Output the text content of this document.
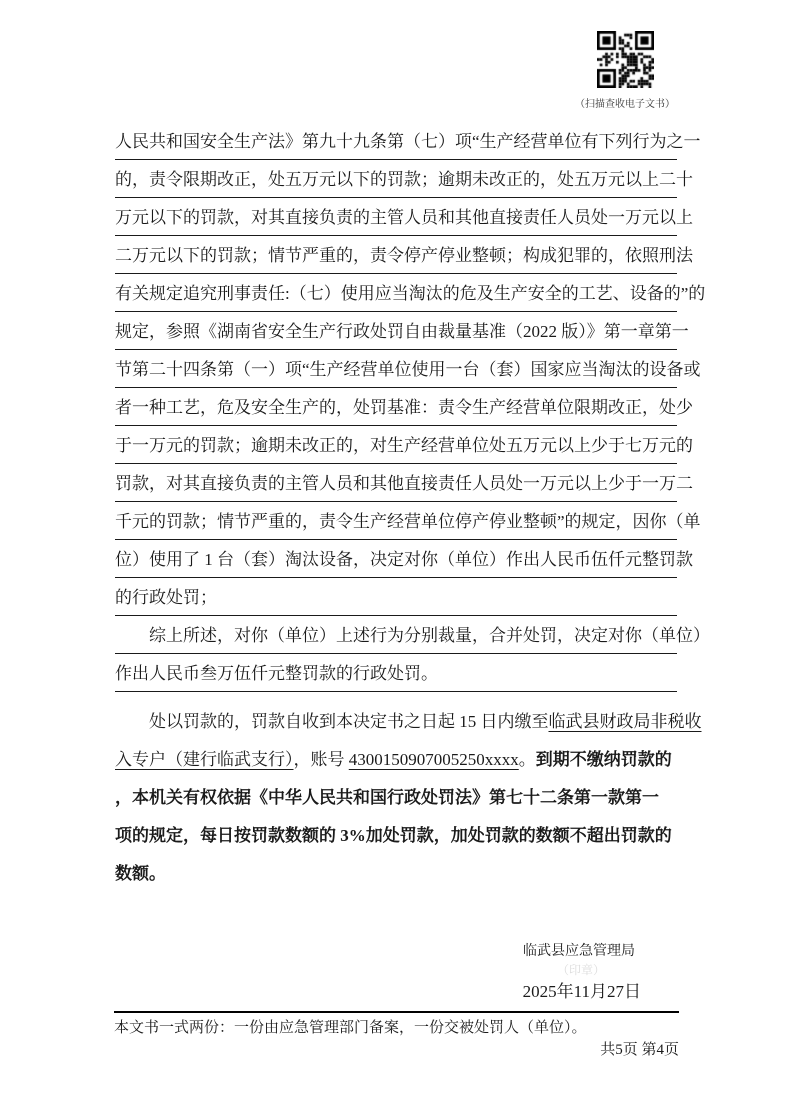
（扫描查收电子文书）
人民共和国安全生产法》第九十九条第（七）项“生产经营单位有下列行为之一
的，责令限期改正，处五万元以下的罚款；逾期未改正的，处五万元以上二十
万元以下的罚款，对其直接负责的主管人员和其他直接责任人员处一万元以上
二万元以下的罚款；情节严重的，责令停产停业整顿；构成犯罪的，依照刑法
有关规定追究刑事责任:（七）使用应当淘汰的危及生产安全的工艺、设备的”的
规定，参照《湖南省安全生产行政处罚自由裁量基准（2022 版）》第一章第一
节第二十四条第（一）项“生产经营单位使用一台（套）国家应当淘汰的设备或
者一种工艺，危及安全生产的，处罚基准：责令生产经营单位限期改正，处少
于一万元的罚款；逾期未改正的，对生产经营单位处五万元以上少于七万元的
罚款，对其直接负责的主管人员和其他直接责任人员处一万元以上少于一万二
千元的罚款；情节严重的，责令生产经营单位停产停业整顿”的规定，因你（单
位）使用了 1 台（套）淘汰设备，决定对你（单位）作出人民币伍仟元整罚款
的行政处罚；
综上所述，对你（单位）上述行为分别裁量，合并处罚，决定对你（单位）
作出人民币叁万伍仟元整罚款的行政处罚。
处以罚款的，罚款自收到本决定书之日起 15 日内缴至临武县财政局非税收
入专户（建行临武支行），账号 4300150907005250xxxx。到期不缴纳罚款的
，本机关有权依据《中华人民共和国行政处罚法》第七十二条第一款第一
项的规定，每日按罚款数额的 3%加处罚款，加处罚款的数额不超出罚款的
数额。
临武县应急管理局
（印章）
2025年11月27日
本文书一式两份：一份由应急管理部门备案，一份交被处罚人（单位）。
共5页 第4页
